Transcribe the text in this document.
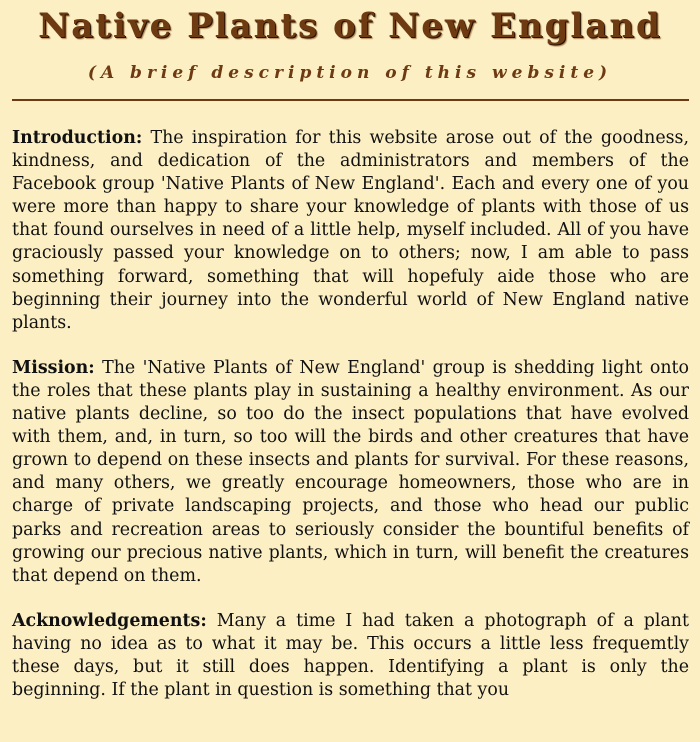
Native Plants of New England
(A brief description of this website)

Introduction: The inspiration for this website arose out of the goodness, kindness, and dedication of the administrators and members of the Facebook group 'Native Plants of New England'. Each and every one of you were more than happy to share your knowledge of plants with those of us that found ourselves in need of a little help, myself included. All of you have graciously passed your knowledge on to others; now, I am able to pass something forward, something that will hopefuly aide those who are beginning their journey into the wonderful world of New England native plants.

Mission: The 'Native Plants of New England' group is shedding light onto the roles that these plants play in sustaining a healthy environment. As our native plants decline, so too do the insect populations that have evolved with them, and, in turn, so too will the birds and other creatures that have grown to depend on these insects and plants for survival. For these reasons, and many others, we greatly encourage homeowners, those who are in charge of private landscaping projects, and those who head our public parks and recreation areas to seriously consider the bountiful benefits of growing our precious native plants, which in turn, will benefit the creatures that depend on them.

Acknowledgements: Many a time I had taken a photograph of a plant having no idea as to what it may be. This occurs a little less frequemtly these days, but it still does happen. Identifying a plant is only the beginning. If the plant in question is something that you
